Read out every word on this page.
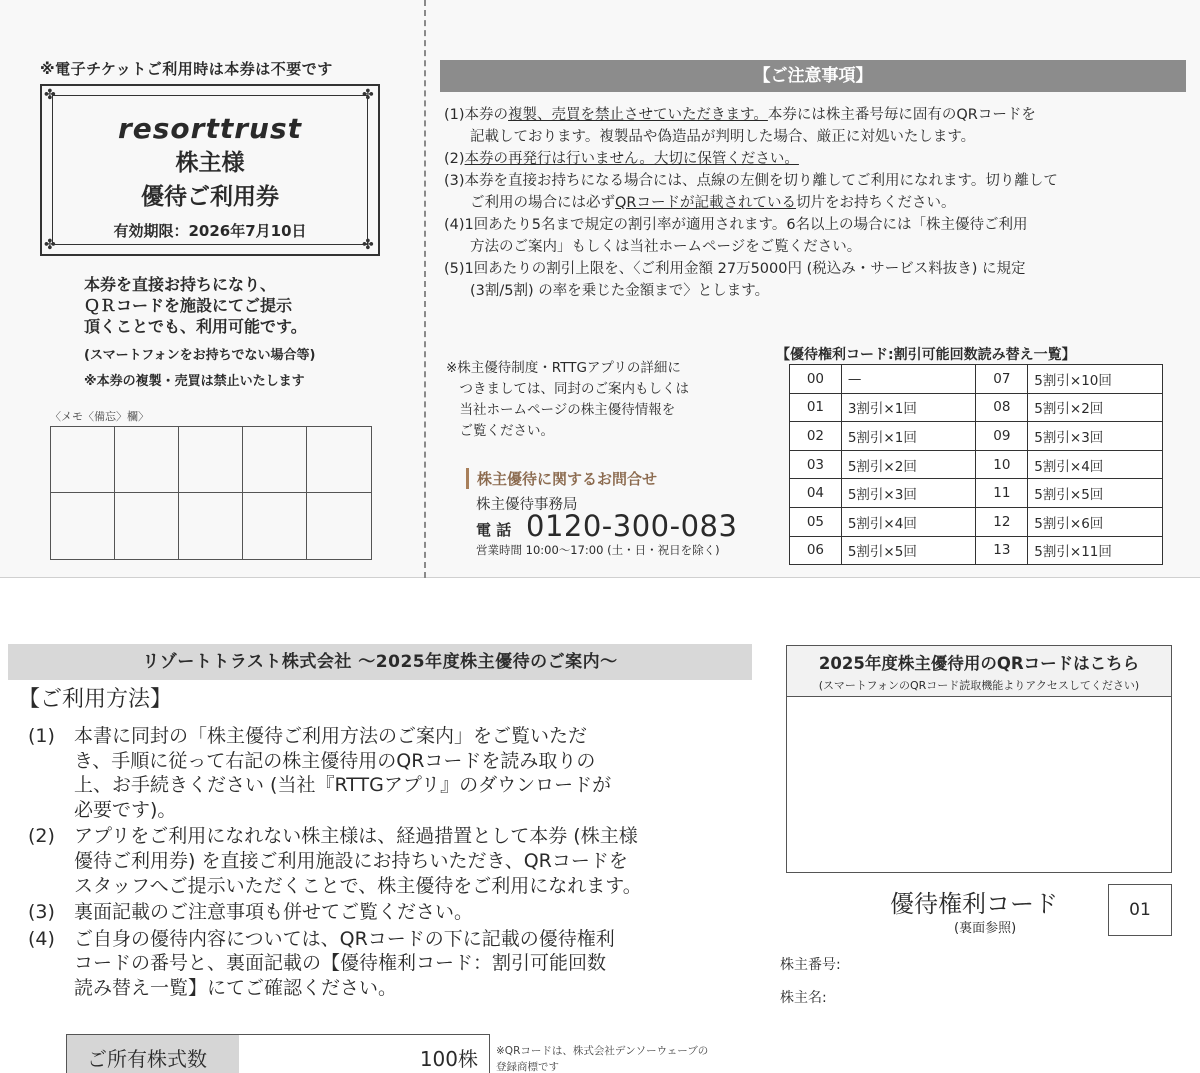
※電子チケットご利用時は本券は不要です
✤	✤
✤	✤
resorttrust
株主様
優待ご利用券
有効期限：2026年7月10日
本券を直接お持ちになり、
ＱＲコードを施設にてご提示
頂くことでも、利用可能です。
(スマートフォンをお持ちでない場合等)
※本券の複製・売買は禁止いたします
〈メモ〈備忘〉欄〉
【ご注意事項】
(1)本券の複製、売買を禁止させていただきます。本券には株主番号毎に固有のQRコードを
記載しております。複製品や偽造品が判明した場合、厳正に対処いたします。
(2)本券の再発行は行いません。大切に保管ください。
(3)本券を直接お持ちになる場合には、点線の左側を切り離してご利用になれます。切り離して
ご利用の場合には必ずQRコードが記載されている切片をお持ちください。
(4)1回あたり5名まで規定の割引率が適用されます。6名以上の場合には「株主優待ご利用
方法のご案内」もしくは当社ホームページをご覧ください。
(5)1回あたりの割引上限を、〈ご利用金額 27万5000円 (税込み・サービス料抜き) に規定
(3割/5割) の率を乗じた金額まで〉とします。
※株主優待制度・RTTGアプリの詳細に
　つきましては、同封のご案内もしくは
　当社ホームページの株主優待情報を
　ご覧ください。
株主優待に関するお問合せ
株主優待事務局
電 話 0120-300-083
営業時間 10:00〜17:00 (土・日・祝日を除く)
【優待権利コード:割引可能回数読み替え一覧】
00	—	07	5割引×10回
01	3割引×1回	08	5割引×2回
02	5割引×1回	09	5割引×3回
03	5割引×2回	10	5割引×4回
04	5割引×3回	11	5割引×5回
05	5割引×4回	12	5割引×6回
06	5割引×5回	13	5割引×11回
リゾートトラスト株式会社 〜2025年度株主優待のご案内〜
【ご利用方法】
(1)	本書に同封の「株主優待ご利用方法のご案内」をご覧いただ
き、手順に従って右記の株主優待用のQRコードを読み取りの
上、お手続きください (当社『RTTGアプリ』のダウンロードが
必要です)。
(2)	アプリをご利用になれない株主様は、経過措置として本券 (株主様
優待ご利用券) を直接ご利用施設にお持ちいただき、QRコードを
スタッフへご提示いただくことで、株主優待をご利用になれます。
(3)	裏面記載のご注意事項も併せてご覧ください。
(4)	ご自身の優待内容については、QRコードの下に記載の優待権利
コードの番号と、裏面記載の【優待権利コード：割引可能回数
読み替え一覧】にてご確認ください。
ご所有株式数	100株 ※QRコードは、株式会社デンソーウェーブの
登録商標です
2025年度株主優待用のQRコードはこちら
(スマートフォンのQRコード読取機能よりアクセスしてください)
優待権利コード
(裏面参照)
01
株主番号:
株主名:
